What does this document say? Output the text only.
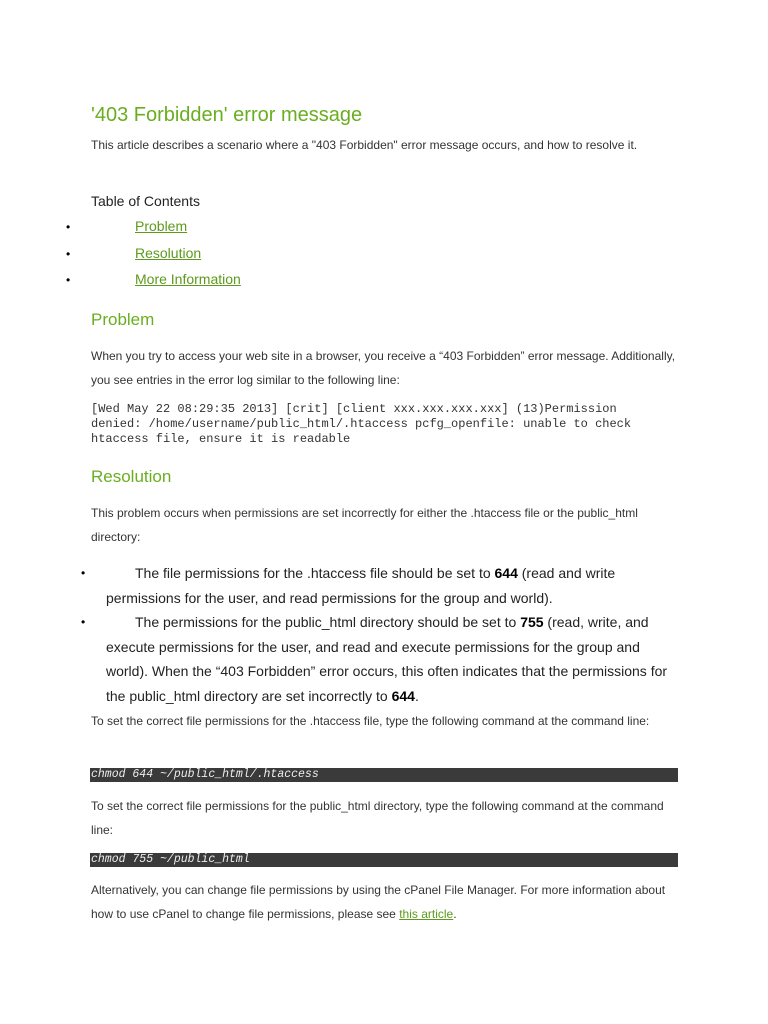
'403 Forbidden' error message

This article describes a scenario where a "403 Forbidden" error message occurs, and how to resolve it.

Table of Contents
•	Problem
•	Resolution
•	More Information
Problem

When you try to access your web site in a browser, you receive a “403 Forbidden” error message. Additionally, you see entries in the error log similar to the following line:

[Wed May 22 08:29:35 2013] [crit] [client xxx.xxx.xxx.xxx] (13)Permission
denied: /home/username/public_html/.htaccess pcfg_openfile: unable to check
htaccess file, ensure it is readable
Resolution

This problem occurs when permissions are set incorrectly for either the .htaccess file or the public_html directory:

•	The file permissions for the .htaccess file should be set to 644 (read and write permissions for the user, and read permissions for the group and world).
•	The permissions for the public_html directory should be set to 755 (read, write, and execute permissions for the user, and read and execute permissions for the group and world). When the “403 Forbidden” error occurs, this often indicates that the permissions for the public_html directory are set incorrectly to 644.

To set the correct file permissions for the .htaccess file, type the following command at the command line:

chmod 644 ~/public_html/.htaccess

To set the correct file permissions for the public_html directory, type the following command at the command line:

chmod 755 ~/public_html

Alternatively, you can change file permissions by using the cPanel File Manager. For more information about how to use cPanel to change file permissions, please see this article.
